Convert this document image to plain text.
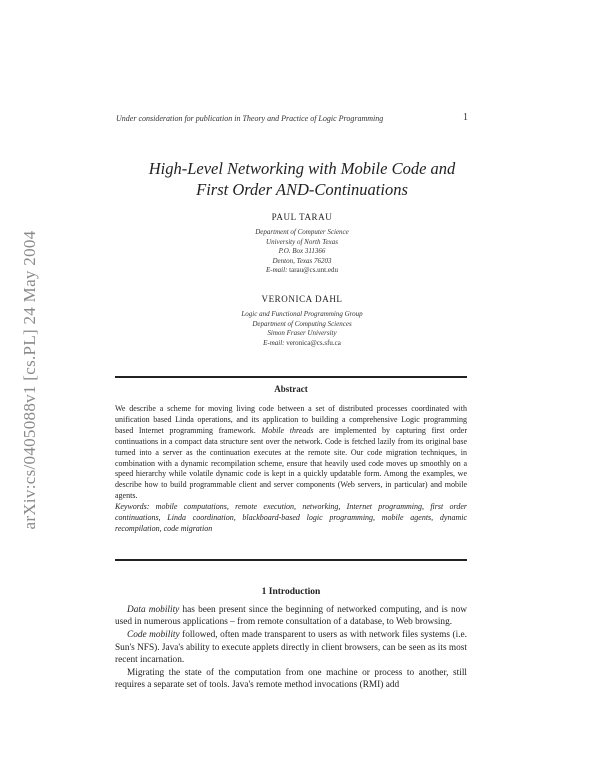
arXiv:cs/0405088v1 [cs.PL] 24 May 2004
Under consideration for publication in Theory and Practice of Logic Programming	1
High-Level Networking with Mobile Code and
First Order AND-Continuations
PAUL TARAU
Department of Computer Science
University of North Texas
P.O. Box 311366
Denton, Texas 76203
E-mail: tarau@cs.unt.edu
VERONICA DAHL
Logic and Functional Programming Group
Department of Computing Sciences
Simon Fraser University
E-mail: veronica@cs.sfu.ca
Abstract

We describe a scheme for moving living code between a set of distributed processes coordinated with unification based Linda operations, and its application to building a comprehensive Logic programming based Internet programming framework. Mobile threads are implemented by capturing first order continuations in a compact data structure sent over the network. Code is fetched lazily from its original base turned into a server as the continuation executes at the remote site. Our code migration techniques, in combination with a dynamic recompilation scheme, ensure that heavily used code moves up smoothly on a speed hierarchy while volatile dynamic code is kept in a quickly updatable form. Among the examples, we describe how to build programmable client and server components (Web servers, in particular) and mobile agents.

Keywords: mobile computations, remote execution, networking, Internet programming, first order continuations, Linda coordination, blackboard-based logic programming, mobile agents, dynamic recompilation, code migration

1 Introduction

Data mobility has been present since the beginning of networked computing, and is now used in numerous applications – from remote consultation of a database, to Web browsing.

Code mobility followed, often made transparent to users as with network files systems (i.e. Sun's NFS). Java's ability to execute applets directly in client browsers, can be seen as its most recent incarnation.

Migrating the state of the computation from one machine or process to another, still requires a separate set of tools. Java's remote method invocations (RMI) add
